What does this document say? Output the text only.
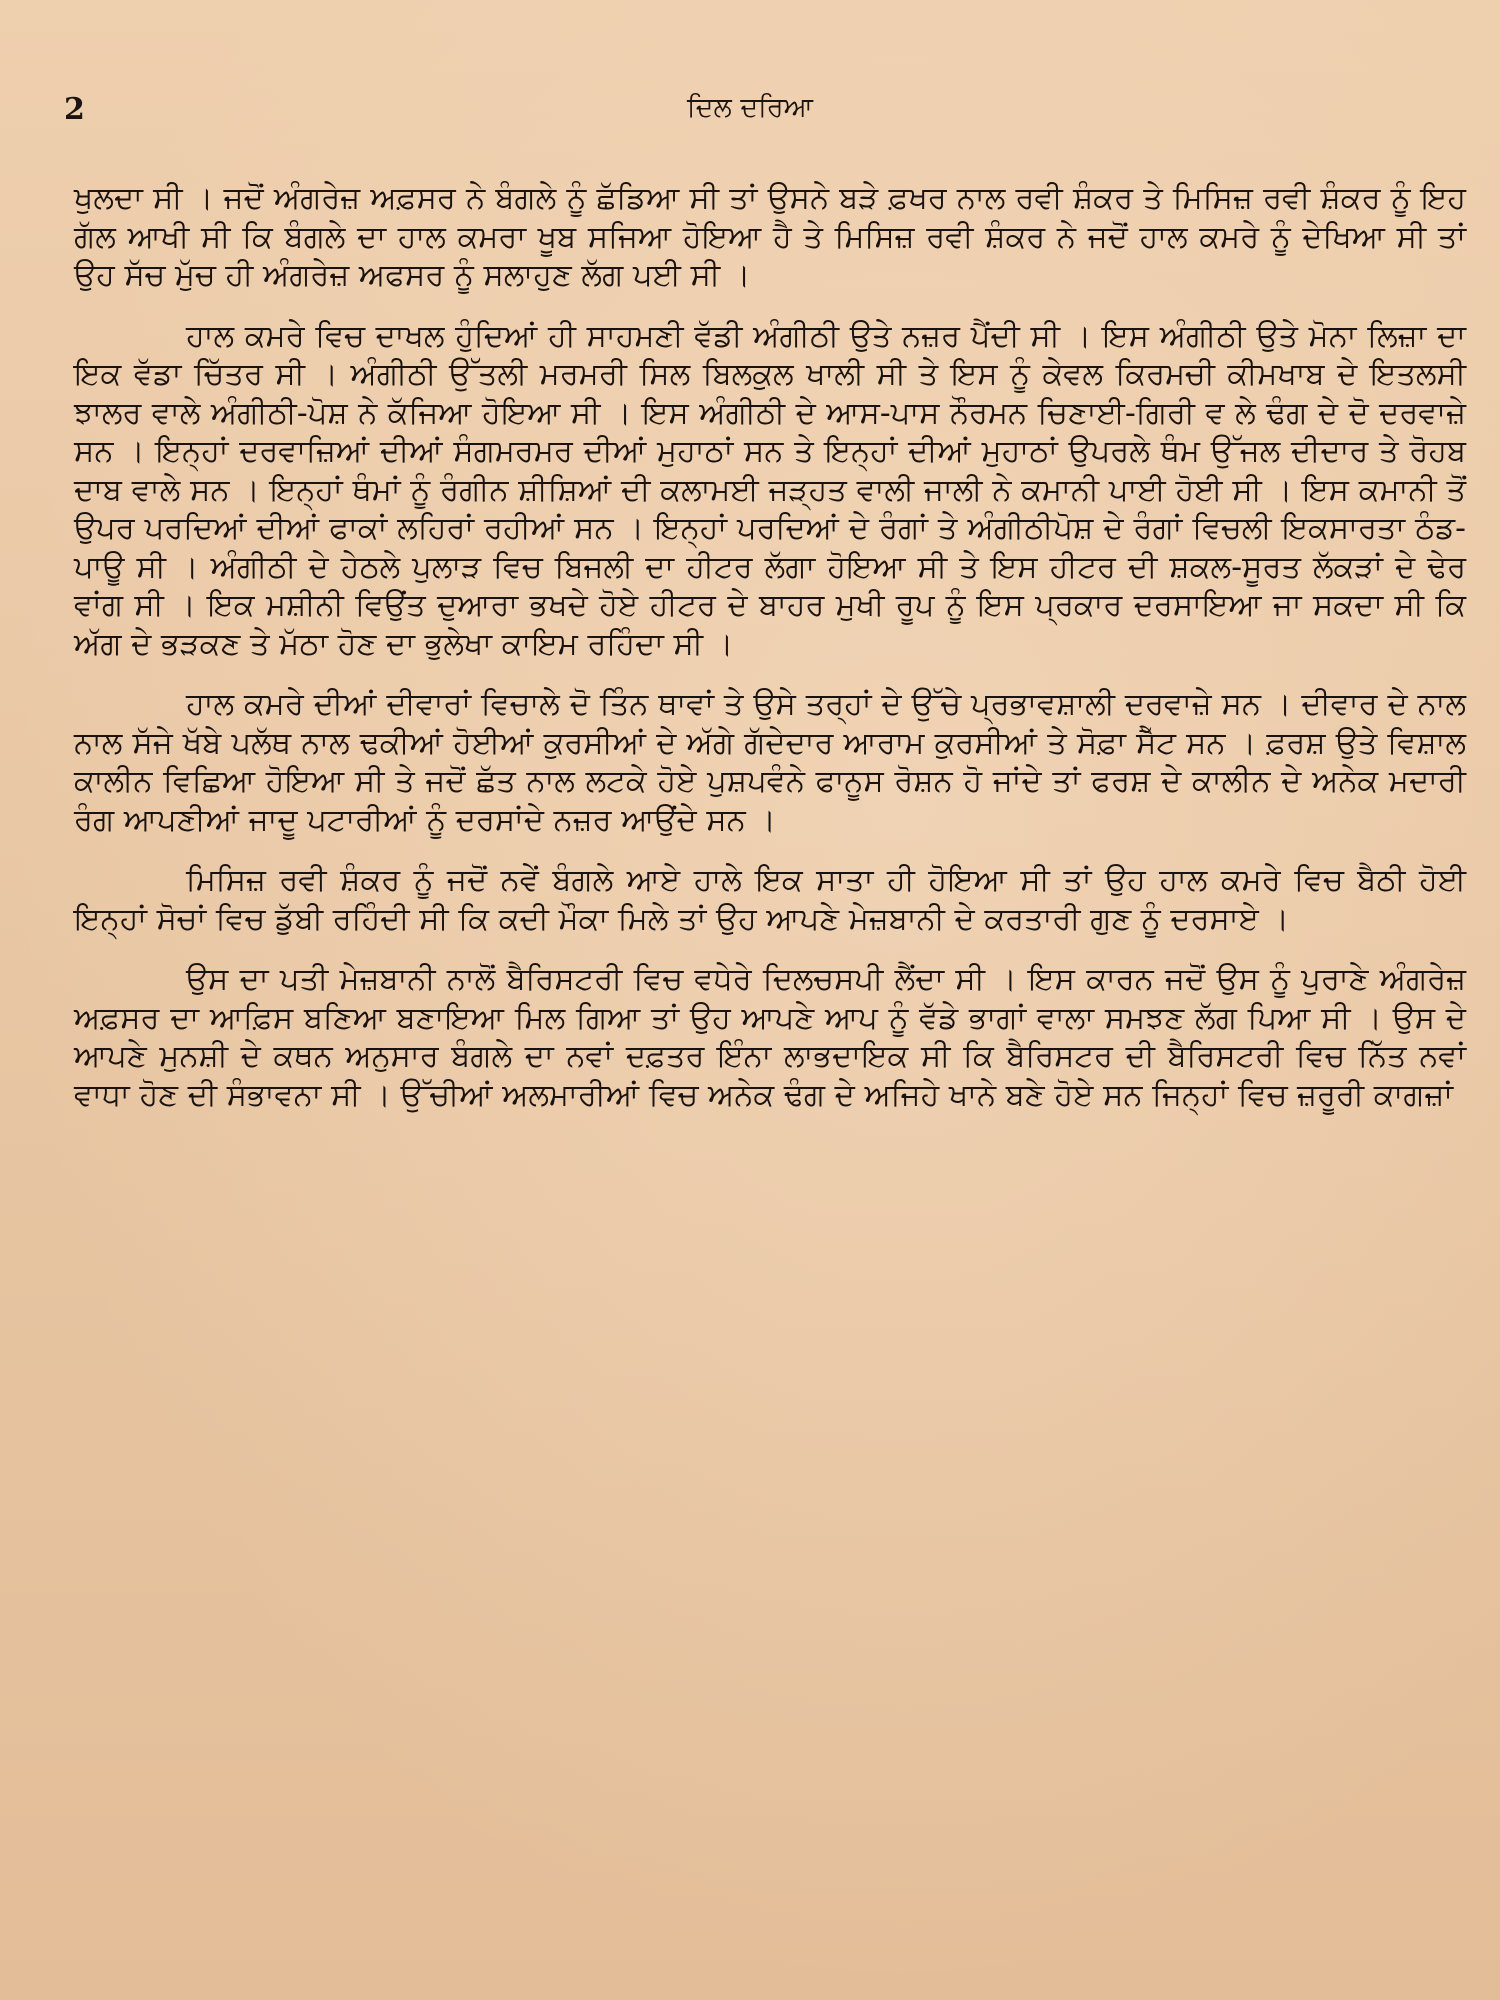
2	ਦਿਲ ਦਰਿਆ

ਖੁਲਦਾ ਸੀ । ਜਦੋਂ ਅੰਗਰੇਜ਼ ਅਫ਼ਸਰ ਨੇ ਬੰਗਲੇ ਨੂੰ ਛੱਡਿਆ ਸੀ ਤਾਂ ਉਸਨੇ ਬੜੇ ਫ਼ਖਰ ਨਾਲ ਰਵੀ ਸ਼ੰਕਰ ਤੇ ਮਿਸਿਜ਼ ਰਵੀ ਸ਼ੰਕਰ ਨੂੰ ਇਹ ਗੱਲ ਆਖੀ ਸੀ ਕਿ ਬੰਗਲੇ ਦਾ ਹਾਲ ਕਮਰਾ ਖੂਬ ਸਜਿਆ ਹੋਇਆ ਹੈ ਤੇ ਮਿਸਿਜ਼ ਰਵੀ ਸ਼ੰਕਰ ਨੇ ਜਦੋਂ ਹਾਲ ਕਮਰੇ ਨੂੰ ਦੇਖਿਆ ਸੀ ਤਾਂ ਉਹ ਸੱਚ ਮੁੱਚ ਹੀ ਅੰਗਰੇਜ਼ ਅਫਸਰ ਨੂੰ ਸਲਾਹੁਣ ਲੱਗ ਪਈ ਸੀ ।

ਹਾਲ ਕਮਰੇ ਵਿਚ ਦਾਖਲ ਹੁੰਦਿਆਂ ਹੀ ਸਾਹਮਣੀ ਵੱਡੀ ਅੰਗੀਠੀ ਉਤੇ ਨਜ਼ਰ ਪੈਂਦੀ ਸੀ । ਇਸ ਅੰਗੀਠੀ ਉਤੇ ਮੋਨਾ ਲਿਜ਼ਾ ਦਾ ਇਕ ਵੱਡਾ ਚਿੱਤਰ ਸੀ । ਅੰਗੀਠੀ ਉੱਤਲੀ ਮਰਮਰੀ ਸਿਲ ਬਿਲਕੁਲ ਖਾਲੀ ਸੀ ਤੇ ਇਸ ਨੂੰ ਕੇਵਲ ਕਿਰਮਚੀ ਕੀਮਖਾਬ ਦੇ ਇਤਲਸੀ ਝਾਲਰ ਵਾਲੇ ਅੰਗੀਠੀ-ਪੋਸ਼ ਨੇ ਕੱਜਿਆ ਹੋਇਆ ਸੀ । ਇਸ ਅੰਗੀਠੀ ਦੇ ਆਸ-ਪਾਸ ਨੌਰਮਨ ਚਿਣਾਈ-ਗਿਰੀ ਵ ਲੇ ਢੰਗ ਦੇ ਦੋ ਦਰਵਾਜ਼ੇ ਸਨ । ਇਨ੍ਹਾਂ ਦਰਵਾਜ਼ਿਆਂ ਦੀਆਂ ਸੰਗਮਰਮਰ ਦੀਆਂ ਮੁਹਾਠਾਂ ਸਨ ਤੇ ਇਨ੍ਹਾਂ ਦੀਆਂ ਮੁਹਾਠਾਂ ਉਪਰਲੇ ਥੰਮ ਉੱਜਲ ਦੀਦਾਰ ਤੇ ਰੋਹਬ ਦਾਬ ਵਾਲੇ ਸਨ । ਇਨ੍ਹਾਂ ਥੰਮਾਂ ਨੂੰ ਰੰਗੀਨ ਸ਼ੀਸ਼ਿਆਂ ਦੀ ਕਲਾਮਈ ਜੜ੍ਹਤ ਵਾਲੀ ਜਾਲੀ ਨੇ ਕਮਾਨੀ ਪਾਈ ਹੋਈ ਸੀ । ਇਸ ਕਮਾਨੀ ਤੋਂ ਉਪਰ ਪਰਦਿਆਂ ਦੀਆਂ ਫਾਕਾਂ ਲਹਿਰਾਂ ਰਹੀਆਂ ਸਨ । ਇਨ੍ਹਾਂ ਪਰਦਿਆਂ ਦੇ ਰੰਗਾਂ ਤੇ ਅੰਗੀਠੀਪੋਸ਼ ਦੇ ਰੰਗਾਂ ਵਿਚਲੀ ਇਕਸਾਰਤਾ ਠੰਡ-ਪਾਊ ਸੀ । ਅੰਗੀਠੀ ਦੇ ਹੇਠਲੇ ਪੁਲਾੜ ਵਿਚ ਬਿਜਲੀ ਦਾ ਹੀਟਰ ਲੱਗਾ ਹੋਇਆ ਸੀ ਤੇ ਇਸ ਹੀਟਰ ਦੀ ਸ਼ਕਲ-ਸੂਰਤ ਲੱਕੜਾਂ ਦੇ ਢੇਰ ਵਾਂਗ ਸੀ । ਇਕ ਮਸ਼ੀਨੀ ਵਿਉਂਤ ਦੁਆਰਾ ਭਖਦੇ ਹੋਏ ਹੀਟਰ ਦੇ ਬਾਹਰ ਮੁਖੀ ਰੂਪ ਨੂੰ ਇਸ ਪ੍ਰਕਾਰ ਦਰਸਾਇਆ ਜਾ ਸਕਦਾ ਸੀ ਕਿ ਅੱਗ ਦੇ ਭੜਕਣ ਤੇ ਮੱਠਾ ਹੋਣ ਦਾ ਭੁਲੇਖਾ ਕਾਇਮ ਰਹਿੰਦਾ ਸੀ ।

ਹਾਲ ਕਮਰੇ ਦੀਆਂ ਦੀਵਾਰਾਂ ਵਿਚਾਲੇ ਦੋ ਤਿੰਨ ਥਾਵਾਂ ਤੇ ਉਸੇ ਤਰ੍ਹਾਂ ਦੇ ਉੱਚੇ ਪ੍ਰਭਾਵਸ਼ਾਲੀ ਦਰਵਾਜ਼ੇ ਸਨ । ਦੀਵਾਰ ਦੇ ਨਾਲ ਨਾਲ ਸੱਜੇ ਖੱਬੇ ਪਲੱਥ ਨਾਲ ਢਕੀਆਂ ਹੋਈਆਂ ਕੁਰਸੀਆਂ ਦੇ ਅੱਗੇ ਗੱਦੇਦਾਰ ਆਰਾਮ ਕੁਰਸੀਆਂ ਤੇ ਸੋਫ਼ਾ ਸੈੱਟ ਸਨ । ਫ਼ਰਸ਼ ਉਤੇ ਵਿਸ਼ਾਲ ਕਾਲੀਨ ਵਿਛਿਆ ਹੋਇਆ ਸੀ ਤੇ ਜਦੋਂ ਛੱਤ ਨਾਲ ਲਟਕੇ ਹੋਏ ਪੁਸ਼ਪਵੰਨੇ ਫਾਨੂਸ ਰੋਸ਼ਨ ਹੋ ਜਾਂਦੇ ਤਾਂ ਫਰਸ਼ ਦੇ ਕਾਲੀਨ ਦੇ ਅਨੇਕ ਮਦਾਰੀ ਰੰਗ ਆਪਣੀਆਂ ਜਾਦੂ ਪਟਾਰੀਆਂ ਨੂੰ ਦਰਸਾਂਦੇ ਨਜ਼ਰ ਆਉਂਦੇ ਸਨ ।

ਮਿਸਿਜ਼ ਰਵੀ ਸ਼ੰਕਰ ਨੂੰ ਜਦੋਂ ਨਵੇਂ ਬੰਗਲੇ ਆਏ ਹਾਲੇ ਇਕ ਸਾਤਾ ਹੀ ਹੋਇਆ ਸੀ ਤਾਂ ਉਹ ਹਾਲ ਕਮਰੇ ਵਿਚ ਬੈਠੀ ਹੋਈ ਇਨ੍ਹਾਂ ਸੋਚਾਂ ਵਿਚ ਡੁੱਬੀ ਰਹਿੰਦੀ ਸੀ ਕਿ ਕਦੀ ਮੌਕਾ ਮਿਲੇ ਤਾਂ ਉਹ ਆਪਣੇ ਮੇਜ਼ਬਾਨੀ ਦੇ ਕਰਤਾਰੀ ਗੁਣ ਨੂੰ ਦਰਸਾਏ ।

ਉਸ ਦਾ ਪਤੀ ਮੇਜ਼ਬਾਨੀ ਨਾਲੋਂ ਬੈਰਿਸਟਰੀ ਵਿਚ ਵਧੇਰੇ ਦਿਲਚਸਪੀ ਲੈਂਦਾ ਸੀ । ਇਸ ਕਾਰਨ ਜਦੋਂ ਉਸ ਨੂੰ ਪੁਰਾਣੇ ਅੰਗਰੇਜ਼ ਅਫ਼ਸਰ ਦਾ ਆਫ਼ਿਸ ਬਣਿਆ ਬਣਾਇਆ ਮਿਲ ਗਿਆ ਤਾਂ ਉਹ ਆਪਣੇ ਆਪ ਨੂੰ ਵੱਡੇ ਭਾਗਾਂ ਵਾਲਾ ਸਮਝਣ ਲੱਗ ਪਿਆ ਸੀ । ਉਸ ਦੇ ਆਪਣੇ ਮੁਨਸ਼ੀ ਦੇ ਕਥਨ ਅਨੁਸਾਰ ਬੰਗਲੇ ਦਾ ਨਵਾਂ ਦਫ਼ਤਰ ਇੰਨਾ ਲਾਭਦਾਇਕ ਸੀ ਕਿ ਬੈਰਿਸਟਰ ਦੀ ਬੈਰਿਸਟਰੀ ਵਿਚ ਨਿੱਤ ਨਵਾਂ ਵਾਧਾ ਹੋਣ ਦੀ ਸੰਭਾਵਨਾ ਸੀ । ਉੱਚੀਆਂ ਅਲਮਾਰੀਆਂ ਵਿਚ ਅਨੇਕ ਢੰਗ ਦੇ ਅਜਿਹੇ ਖਾਨੇ ਬਣੇ ਹੋਏ ਸਨ ਜਿਨ੍ਹਾਂ ਵਿਚ ਜ਼ਰੂਰੀ ਕਾਗਜ਼ਾਂ
